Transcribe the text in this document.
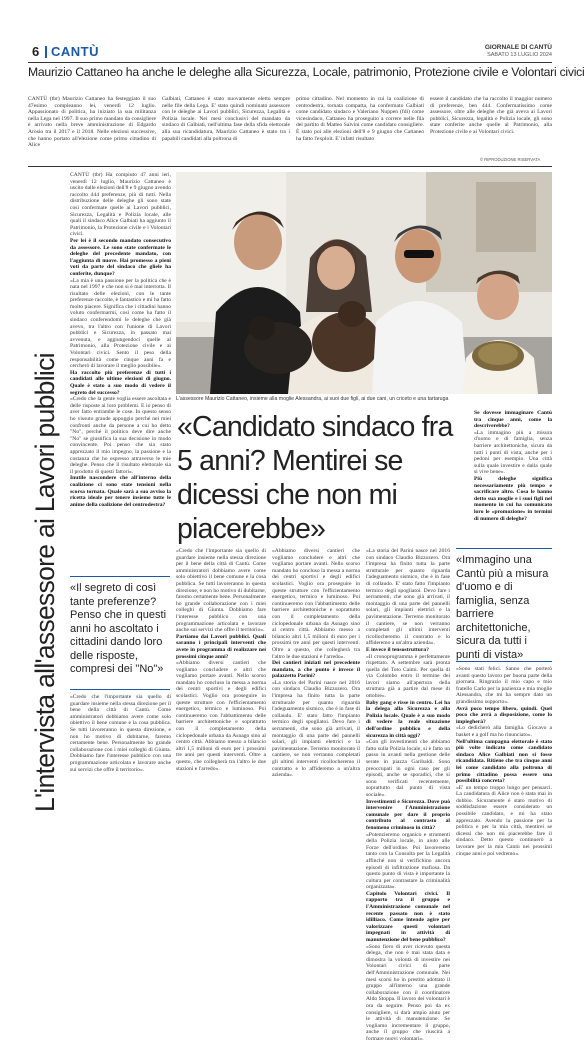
6 CANTÙ	GIORNALE DI CANTÙ
SABATO 13 LUGLIO 2024
Maurizio Cattaneo ha anche le deleghe alla Sicurezza, Locale, patrimonio, Protezione civile e Volontari civici
CANTÙ (tbr) Maurizio Cattaneo ha festeggiato il suo 47esimo compleanno lei, venerdì 12 luglio. Appassionato di politica, ha iniziato la sua militanza nella Lega nel 1997. Il suo primo mandato da consigliere è arrivato nella breve amministrazione di Edgardo Arosio tra il 2017 e il 2018. Nelle elezioni successive, che hanno portato all'elezione come primo cittadino di Alice
Galbiati, Cattaneo è stato nuovamente eletto sempre nelle file della Lega. E' stato quindi nominato assessore con le deleghe ai Lavori pubblici, Sicurezza, Legalità e Polizia locale. Nei mesi conclusivi del mandato da sindaco di Galbiati, nell'ultima fase della sfida elettorale alla sua ricandidatura, Maurizio Cattaneo è stato tra i papabili candidati alla poltrona di
primo cittadino. Nel momento in cui la coalizione di centrodestra, tornata compatta, ha confermato Galbiati come candidato sindaco e Valeriano Nuppen (fdi) come vicesindaco, Cattaneo ha proseguito a correre nelle fila del partito di Matteo Salvini come candidato consigliere. È stato poi alle elezioni dell'8 e 9 giugno che Cattaneo ha fatto l'exploit. E' infatti risultato
essere il candidato che ha raccolto il maggior numero di preferenze, ben 444. Confermatissimo come assessore, oltre alle deleghe che già aveva ai Lavori pubblici, Sicurezza, legalità e Polizia locale, gli sono state conferite anche quelle al Patrimonio, alla Protezione civile e ai Volontari civici.
© RIPRODUZIONE RISERVATA
L'intervista all'assessore ai Lavori pubblici
CANTÙ (tbr) Ha compiuto 47 anni ieri, venerdì 12 luglio, Maurizio Cattaneo è uscito dalle elezioni dell'8 e 9 giugno avendo raccolto 444 preferenze, più di tutti. Nella distribuzione delle deleghe gli sono state così confermate quelle ai Lavori pubblici, Sicurezza, Legalità e Polizia locale, alle quali il sindaco Alice Galbiati ha aggiunto il Patrimonio, la Protezione civile e i Volontari civici.
Per lei è il secondo mandato consecutivo da assessore. Le sono state confermate le deleghe del precedente mandato, con l'aggiunta di nuove. Hai promesso a pieni voti da parte del sindaco che gliele ha conferite, dunque?
«La mia è una passione per la politica che è nata nel 1997 e che non si è mai interrotta. Il risultato delle elezioni, con le tante preferenze raccolte, è fantastico e mi ha fatto molto piacere. Significa che i cittadini hanno voluto confermarmi, così come ha fatto il sindaco conferendomi le deleghe che già avevo, tra l'altro con l'unione di Lavori pubblici e Sicurezza, in passato mai avvenuta, e aggiungendoci quelle al Patrimonio, alla Protezione civile e ai Volontari civici. Sento il peso della responsabilità come cinque anni fa e cercherò di lavorare il meglio possibile».
Ha raccolto più preferenze di tutti i candidati alle ultime elezioni di giugno. Quale è stato a suo modo di vedere il segreto del successo?
«Credo che la gente voglia essere ascoltata e delle risposte ai loro problemi. E io penso di aver fatto entrambe le cose. In questo senso ho vissuto grande appoggio perché nei miei confronti anche da persone a cui ho detto "No", perché il politico deve dire anche "No" se giustifica la sua decisione in modo convincente. Poi penso che sia stato apprezzato il mio impegno, la passione e la costanza che ho espresso attraverso le mie deleghe. Penso che il risultato elettorale sia il prodotto di questi fattori».
Inutile nascondere che all'interno della coalizione ci sono state tensioni nella scorsa tornata. Quale sarà a suo avviso la ricetta ideale per tenere insieme tutte le anime della coalizione del centrodestra?
L'assessore Maurizio Cattaneo, insieme alla moglie Alessandra, ai suoi due figli, ai due cani, un criceto e una tartaruga
«Candidato sindaco fra 5 anni? Mentirei se dicessi che non mi piacerebbe»
Se dovesse immaginare Cantù tra cinque anni, come la descriverebbe?
«La immagino più a misura d'uomo e di famiglia, senza barriere architettoniche, sicura da tutti i punti di vista, anche per i pedoni per esempio. Una città sulla quale investire e dalla quale si vive bene».
Più deleghe significa necessariamente più tempo e sacrificare altro. Cosa le hanno detto sua moglie e i suoi figli nel momento in cui ha comunicato loro le «promozione» in termini di numero di deleghe?
«Il segreto di così tante preferenze? Penso che in questi anni ho ascoltato i cittadini dando loro delle risposte, compresi dei "No"»
«Credo che l'importante sia quello di guardare insieme nella stessa direzione per il bene della città di Cantù. Come amministratori dobbiamo avere come solo obiettivo il bene comune e la cosa pubblica. Se tutti lavoreranno in questa direzione, e non ho motivo di dubitarne, faremo certamente bene. Personalmente ho grande collaborazione con i miei colleghi di Giunta. Dobbiamo fare l'interesse pubblico con una programmazione articolata e lavorare anche sui servizi che offre il territorio».
«Credo che l'importante sia quello di guardare insieme nella stessa direzione per il bene della città di Cantù. Come amministratori dobbiamo avere come solo obiettivo il bene comune e la cosa pubblica. Se tutti lavoreranno in questa direzione, e non ho motivo di dubitarne, faremo certamente bene. Personalmente ho grande collaborazione con i miei colleghi di Giunta. Dobbiamo fare l'interesse pubblico con una programmazione articolata e lavorare anche sui servizi che offre il territorio».
Partiamo dai Lavori pubblici. Quali saranno i principali interventi che avete in programma di realizzare nei prossimi cinque anni?
«Abbiamo diversi cantieri che vogliamo concludere e altri che vogliamo portare avanti. Nello scorso mandato ho concluso la messa a norma dei centri sportivi e degli edifici scolastici. Voglio ora proseguire in queste strutture con l'efficientamento energetico, termico e luminoso. Poi continueremo con l'abbattimento delle barriere architettoniche e soprattutto con il completamento della ciclopedonale urbana da Asnago sino al centro città. Abbiamo messo a bilancio altri 1,5 milioni di euro per i prossimi tre anni per questi interventi. Oltre a questo, che collegherà tra l'altro le due stazioni e l'arredo».
«Abbiamo diversi cantieri che vogliamo concludere e altri che vogliamo portare avanti. Nello scorso mandato ho concluso la messa a norma dei centri sportivi e degli edifici scolastici. Voglio ora proseguire in queste strutture con l'efficientamento energetico, termico e luminoso. Poi continueremo con l'abbattimento delle barriere architettoniche e soprattutto con il completamento della ciclopedonale urbana da Asnago sino al centro città. Abbiamo messo a bilancio altri 1,5 milioni di euro per i prossimi tre anni per questi interventi. Oltre a questo, che collegherà tra l'altro le due stazioni e l'arredo».
Dei cantieri iniziati nel precedente mandato, a che punto è invece il palazzetto Parini?
«La storia del Parini nasce nel 2016 con sindaco Claudio Bizzozero. Ora l'impresa ha finito tutta la parte strutturale per quanto riguarda l'adeguamento sismico, che è in fase di collaudo. E' stato fatto l'impianto termico degli spogliatoi. Devo fare i serramenti, che sono già arrivati, il montaggio di una parte del pannelli solari, gli impianti elettrici e la pavimentazione. Terremo monitorato il cantiere, se non verranno completati gli ultimi interventi ricollocheremo il contratto e lo affideremo a un'altra azienda».
«La storia del Parini nasce nel 2016 con sindaco Claudio Bizzozero. Ora l'impresa ha finito tutta la parte strutturale per quanto riguarda l'adeguamento sismico, che è in fase di collaudo. E' stato fatto l'impianto termico degli spogliatoi. Devo fare i serramenti, che sono già arrivati, il montaggio di una parte del pannelli solari, gli impianti elettrici e la pavimentazione. Terremo monitorato il cantiere, se non verranno completati gli ultimi interventi ricollocheremo il contratto e lo affideremo a un'altra azienda».
E invece il tensostruttura?
«Il cronoprogramma è perfettamente rispettato. A settembre sarà pronta quella del Toto Caimi. Per quella di via Colombo entro il termine dei lavori siamo all'apertura della struttura già a partire dal mese di ottobre».
Baby gang e risse in centro. Lei ha la delega alla Sicurezza e alla Polizia locale. Quale è a suo modo di vedere la reale situazione dell'ordine pubblico e della sicurezza in città oggi?
«Con gli investimenti che abbiamo fatto sulla Polizia locale, si è fatto un passo in avanti nella gestione delle serate in piazza Garibaldi. Sono preoccupati in ogni caso per gli episodi, anche se sporadici, che si sono verificati recentemente, soprattutto dal punto di vista sociale».
Investimenti e Sicurezza. Dove può intervenire l'Amministrazione comunale per dare il proprio contributo al contrasto al fenomeno criminoso in città?
«Potenzieremo organico e strumenti della Polizia locale, in aiuto alle Forze dell'ordine. Poi lavoreremo tanto con la Consulta per la Legalità affinché non si verifichino ancora episodi di infiltrazione mafiosa. Da questo punto di vista è importante la cultura per contrastare la criminalità organizzata».
Capitolo Volontari civici. Il rapporto tra il gruppo e l'Amministrazione comunale nel recente passato non è stato idilliaco. Come intende agire per valorizzare questi volontari impegnati in attività di manutenzione del bene pubblico?
«Sono fiero di aver ricevuto questa delega, che non è mai stata data e dimostra la volontà di investire nei Volontari civici di parte dell'Amministrazione comunale. Nei mesi scorsi ho in prestito adottato il gruppo all'interno una grande collaborazione con il coordinatore Aldo Stoppa. Il lavoro dei volontari è ora da seguire. Penso poi da ex consigliere, si darà ampio aiuto per le attività di manutenzione. Se vogliamo incrementare il gruppo, anche il gruppo che riuscirà a formare nuovi volontari».
«Immagino una Cantù più a misura d'uomo e di famiglia, senza barriere architettoniche, sicura da tutti i punti di vista»
«Sono stati felici. Sanno che porterò avanti questo lavoro per buona parte della giornata. Ringrazio il mio capo e mio fratello Carlo per la pazienza e mia moglie Alessandra, che mi ha sempre dato un grandissimo supporto».
Avrà poco tempo libero, quindi. Quel poco che avrà a disposizione, come lo impiegherà?
«Lo dedicherò alla famiglia. Giocavo a basket e a golf ma ho rinunciato».
Nell'ultima campagna elettorale è stato più volte indicato come candidato sindaco Alice Galbiati non si fosse ricandidata. Ritiene che tra cinque anni lei come candidato alla poltrona di primo cittadino possa essere una possibilità concreta?
«E' un tempo troppo lungo per pensarci. La candidatura di Alice non è stata mai in dubbio. Sicuramente è stato motivo di soddisfazione essere considerato un possibile candidato, e mi ha stato apprezzato. Avendo la passione per la politica e per la mia città, mentirei se dicessi che non mi piacerebbe fare il sindaco. Detto questo continuerò a lavorare per la mia Cantù nei prossimi cinque anni e poi vedremo».
